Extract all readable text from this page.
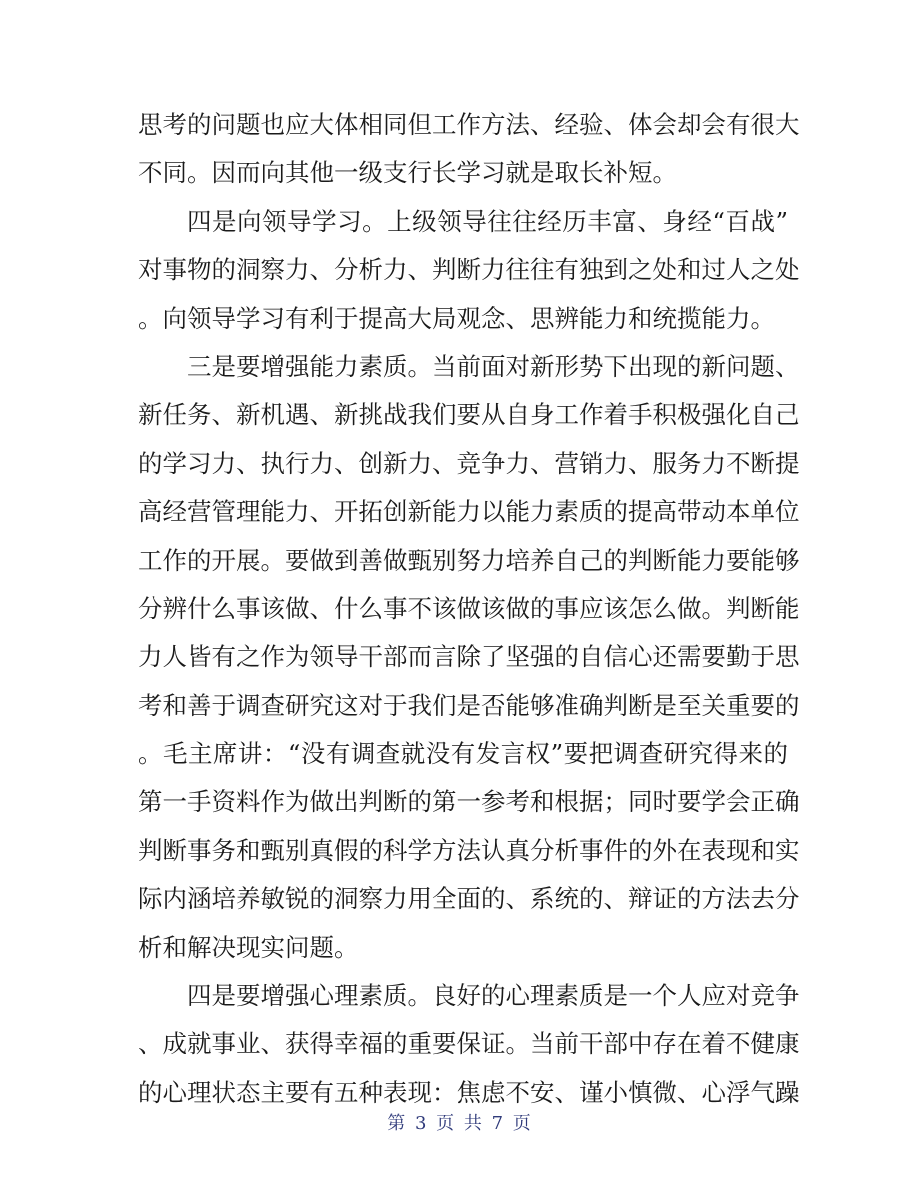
思考的问题也应大体相同但工作方法、经验、体会却会有很大
不同。因而向其他一级支行长学习就是取长补短。
四是向领导学习。上级领导往往经历丰富、身经“百战”
对事物的洞察力、分析力、判断力往往有独到之处和过人之处
。向领导学习有利于提高大局观念、思辨能力和统揽能力。
三是要增强能力素质。当前面对新形势下出现的新问题、
新任务、新机遇、新挑战我们要从自身工作着手积极强化自己
的学习力、执行力、创新力、竞争力、营销力、服务力不断提
高经营管理能力、开拓创新能力以能力素质的提高带动本单位
工作的开展。要做到善做甄别努力培养自己的判断能力要能够
分辨什么事该做、什么事不该做该做的事应该怎么做。判断能
力人皆有之作为领导干部而言除了坚强的自信心还需要勤于思
考和善于调查研究这对于我们是否能够准确判断是至关重要的
。毛主席讲：“没有调查就没有发言权”要把调查研究得来的
第一手资料作为做出判断的第一参考和根据；同时要学会正确
判断事务和甄别真假的科学方法认真分析事件的外在表现和实
际内涵培养敏锐的洞察力用全面的、系统的、辩证的方法去分
析和解决现实问题。
四是要增强心理素质。良好的心理素质是一个人应对竞争
、成就事业、获得幸福的重要保证。当前干部中存在着不健康
的心理状态主要有五种表现：焦虑不安、谨小慎微、心浮气躁
第 3 页 共 7 页
